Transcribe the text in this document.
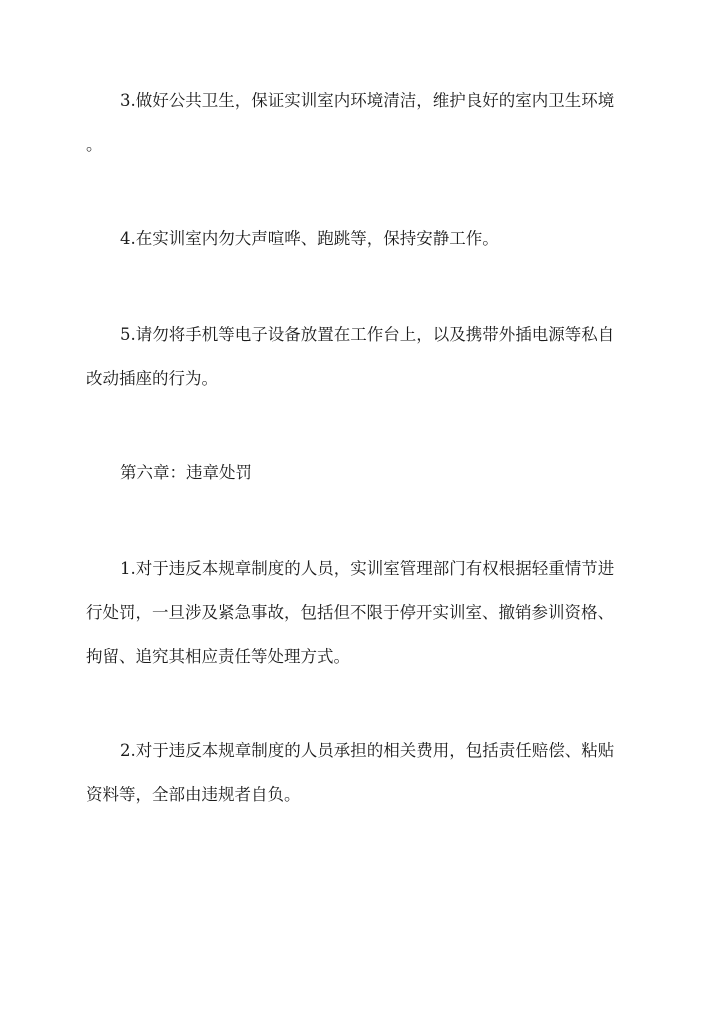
3.做好公共卫生，保证实训室内环境清洁，维护良好的室内卫生环境
。
4.在实训室内勿大声喧哗、跑跳等，保持安静工作。
5.请勿将手机等电子设备放置在工作台上，以及携带外插电源等私自
改动插座的行为。
第六章：违章处罚
1.对于违反本规章制度的人员，实训室管理部门有权根据轻重情节进
行处罚，一旦涉及紧急事故，包括但不限于停开实训室、撤销参训资格、
拘留、追究其相应责任等处理方式。
2.对于违反本规章制度的人员承担的相关费用，包括责任赔偿、粘贴
资料等，全部由违规者自负。
